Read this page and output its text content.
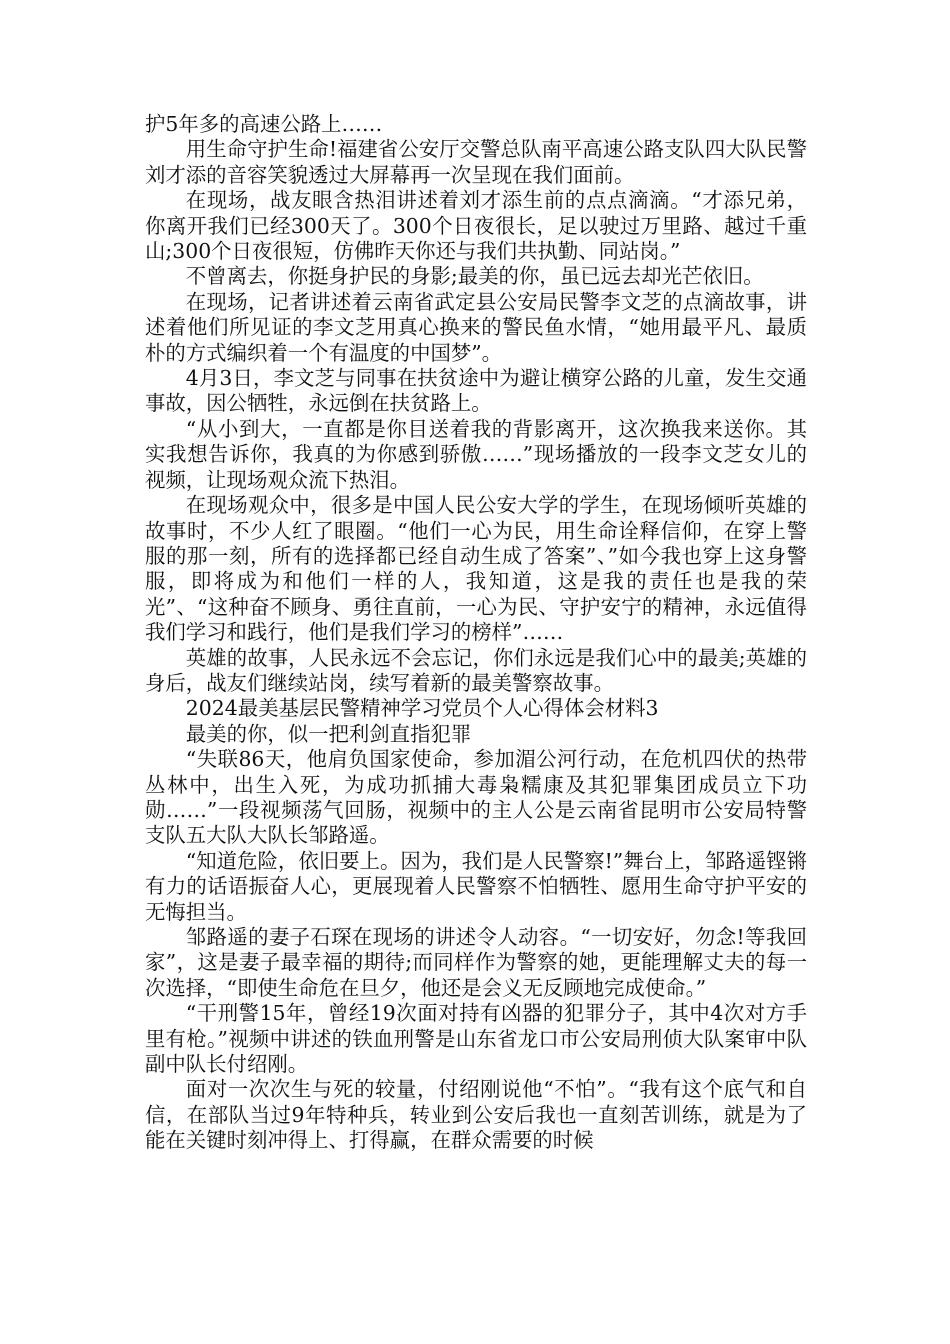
护5年多的高速公路上……

用生命守护生命!福建省公安厅交警总队南平高速公路支队四大队民警刘才添的音容笑貌透过大屏幕再一次呈现在我们面前。

在现场，战友眼含热泪讲述着刘才添生前的点点滴滴。“才添兄弟，你离开我们已经300天了。300个日夜很长，足以驶过万里路、越过千重山;300个日夜很短，仿佛昨天你还与我们共执勤、同站岗。”

不曾离去，你挺身护民的身影;最美的你，虽已远去却光芒依旧。

在现场，记者讲述着云南省武定县公安局民警李文芝的点滴故事，讲述着他们所见证的李文芝用真心换来的警民鱼水情，“她用最平凡、最质朴的方式编织着一个有温度的中国梦”。

4月3日，李文芝与同事在扶贫途中为避让横穿公路的儿童，发生交通事故，因公牺牲，永远倒在扶贫路上。

“从小到大，一直都是你目送着我的背影离开，这次换我来送你。其实我想告诉你，我真的为你感到骄傲……”现场播放的一段李文芝女儿的视频，让现场观众流下热泪。

在现场观众中，很多是中国人民公安大学的学生，在现场倾听英雄的故事时，不少人红了眼圈。“他们一心为民，用生命诠释信仰，在穿上警服的那一刻，所有的选择都已经自动生成了答案”、”如今我也穿上这身警服，即将成为和他们一样的人，我知道，这是我的责任也是我的荣光”、“这种奋不顾身、勇往直前，一心为民、守护安宁的精神，永远值得我们学习和践行，他们是我们学习的榜样”……

英雄的故事，人民永远不会忘记，你们永远是我们心中的最美;英雄的身后，战友们继续站岗，续写着新的最美警察故事。

2024最美基层民警精神学习党员个人心得体会材料3

最美的你，似一把利剑直指犯罪

“失联86天，他肩负国家使命，参加湄公河行动，在危机四伏的热带丛林中，出生入死，为成功抓捕大毒枭糯康及其犯罪集团成员立下功勋……”一段视频荡气回肠，视频中的主人公是云南省昆明市公安局特警支队五大队大队长邹路遥。

“知道危险，依旧要上。因为，我们是人民警察!”舞台上，邹路遥铿锵有力的话语振奋人心，更展现着人民警察不怕牺牲、愿用生命守护平安的无悔担当。

邹路遥的妻子石琛在现场的讲述令人动容。“一切安好，勿念!等我回家”，这是妻子最幸福的期待;而同样作为警察的她，更能理解丈夫的每一次选择，“即使生命危在旦夕，他还是会义无反顾地完成使命。”

“干刑警15年，曾经19次面对持有凶器的犯罪分子，其中4次对方手里有枪。”视频中讲述的铁血刑警是山东省龙口市公安局刑侦大队案审中队副中队长付绍刚。

面对一次次生与死的较量，付绍刚说他“不怕”。“我有这个底气和自信，在部队当过9年特种兵，转业到公安后我也一直刻苦训练，就是为了能在关键时刻冲得上、打得赢，在群众需要的时候
